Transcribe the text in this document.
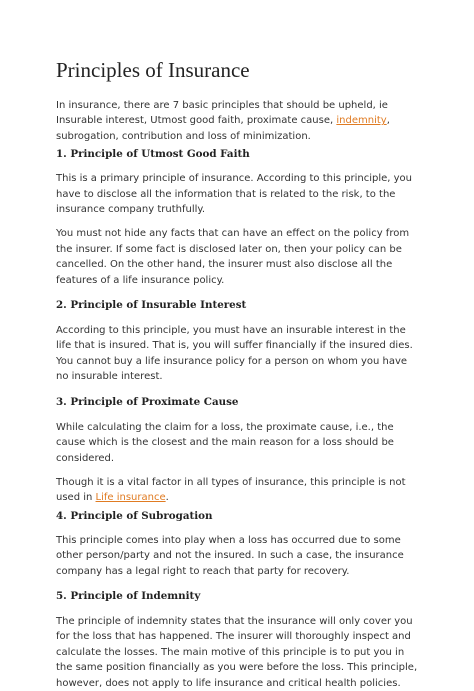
Principles of Insurance

In insurance, there are 7 basic principles that should be upheld, ie Insurable interest, Utmost good faith, proximate cause, indemnity, subrogation, contribution and loss of minimization.

1. Principle of Utmost Good Faith

This is a primary principle of insurance. According to this principle, you have to disclose all the information that is related to the risk, to the insurance company truthfully.

You must not hide any facts that can have an effect on the policy from the insurer. If some fact is disclosed later on, then your policy can be cancelled. On the other hand, the insurer must also disclose all the features of a life insurance policy.

2. Principle of Insurable Interest

According to this principle, you must have an insurable interest in the life that is insured. That is, you will suffer financially if the insured dies. You cannot buy a life insurance policy for a person on whom you have no insurable interest.

3. Principle of Proximate Cause

While calculating the claim for a loss, the proximate cause, i.e., the cause which is the closest and the main reason for a loss should be considered.

Though it is a vital factor in all types of insurance, this principle is not used in Life insurance.

4. Principle of Subrogation

This principle comes into play when a loss has occurred due to some other person/party and not the insured. In such a case, the insurance company has a legal right to reach that party for recovery.

5. Principle of Indemnity

The principle of indemnity states that the insurance will only cover you for the loss that has happened. The insurer will thoroughly inspect and calculate the losses. The main motive of this principle is to put you in the same position financially as you were before the loss. This principle, however, does not apply to life insurance and critical health policies.
